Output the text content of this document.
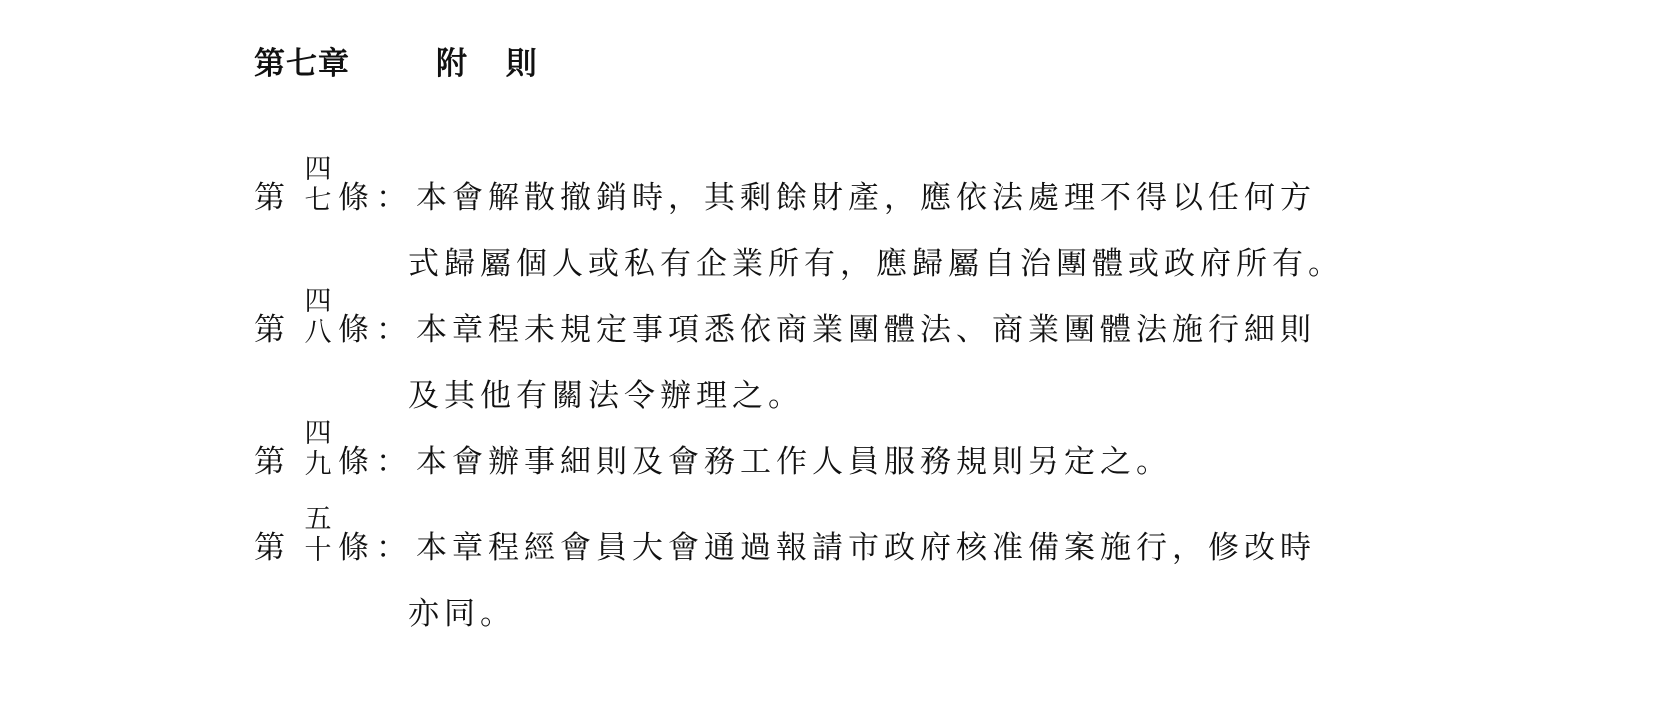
第七章	附 則
第
四
七 條 ： 本會解散撤銷時，其剩餘財產，應依法處理不得以任何方
式歸屬個人或私有企業所有，應歸屬自治團體或政府所有。
第
四
八 條 ： 本章程未規定事項悉依商業團體法、商業團體法施行細則
及其他有關法令辦理之。
第
四
九 條 ： 本會辦事細則及會務工作人員服務規則另定之。
第
五
十 條 ： 本章程經會員大會通過報請市政府核准備案施行，修改時
亦同。
